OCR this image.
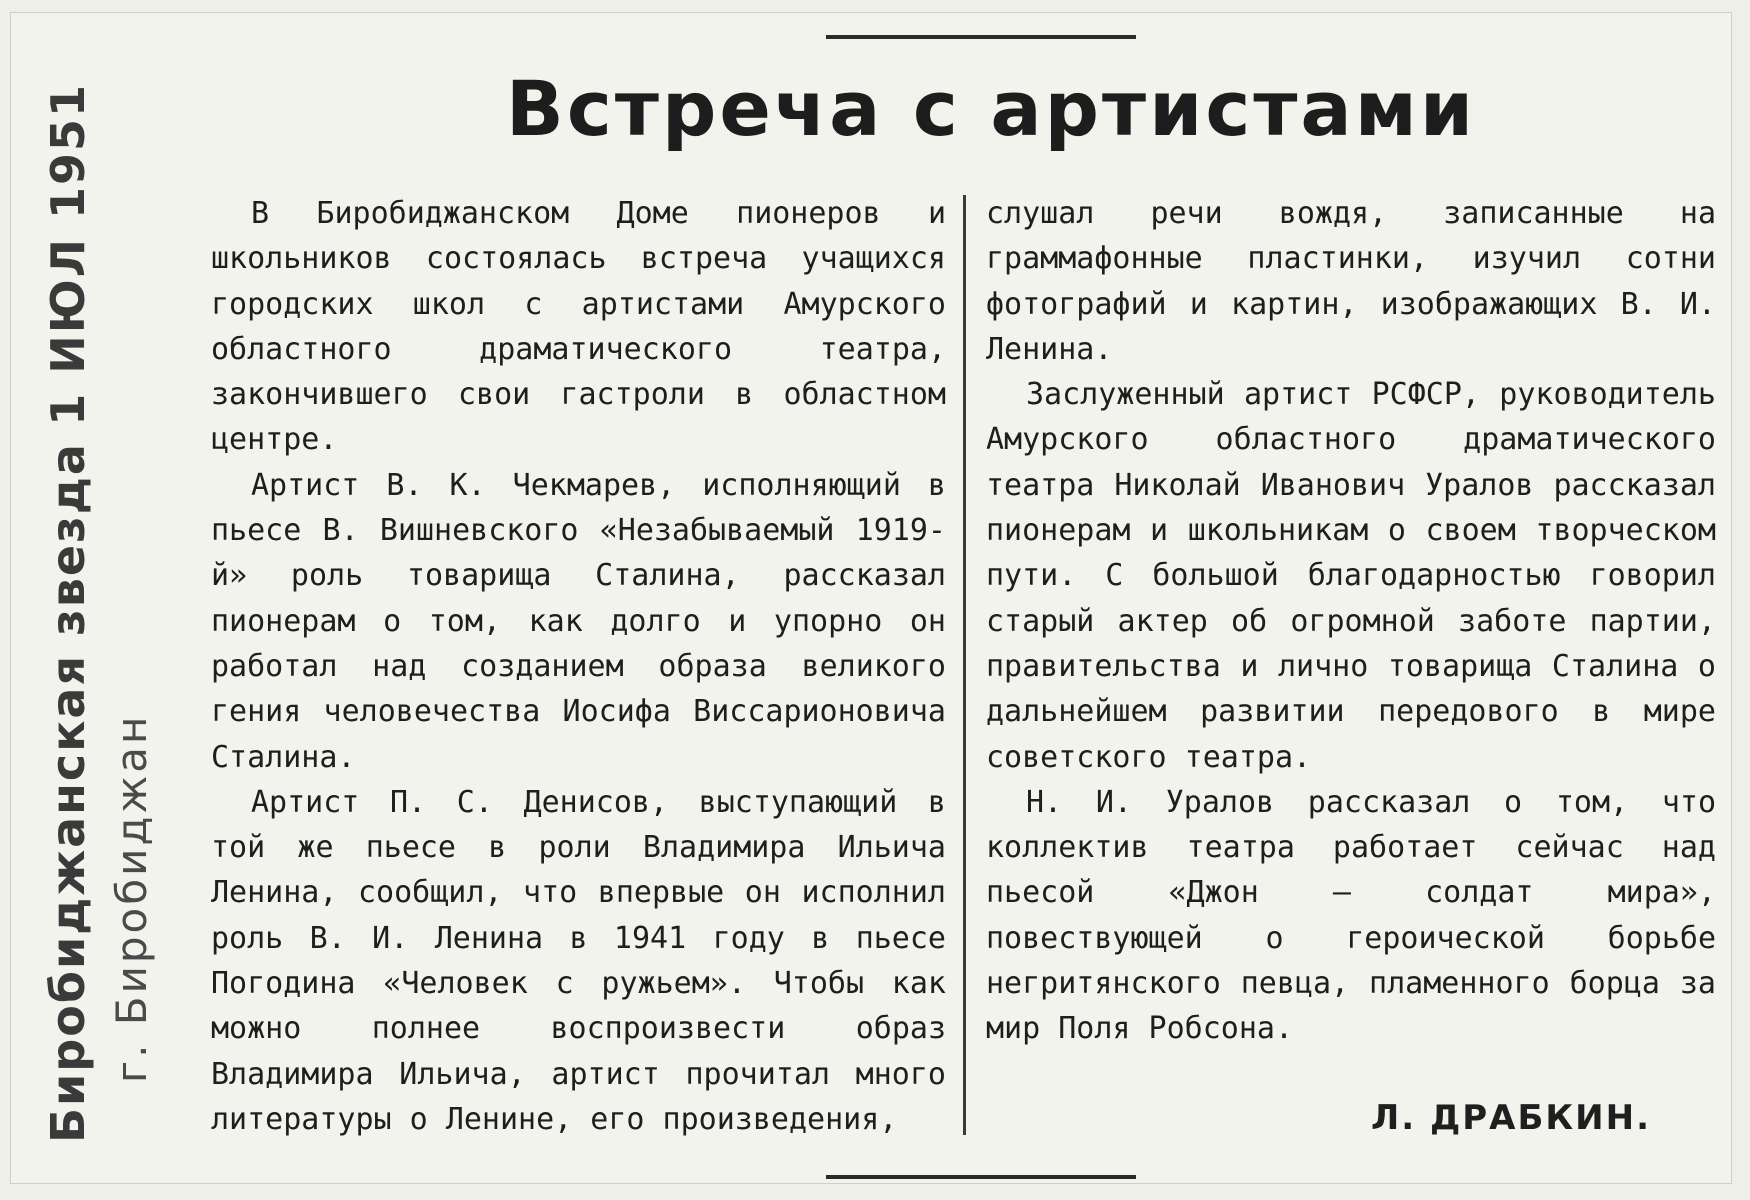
Встреча с артистами
Биробиджанская звезда
1 ИЮЛ 1951
г. Биробиджан

В Биробиджанском Доме пионеров и школьников состоялась встреча учащихся городских школ с артистами Амурского областного драматического театра, закончившего свои гастроли в областном центре.

Артист В. К. Чекмарев, исполняющий в пьесе В. Вишневского «Незабываемый 1919-й» роль товарища Сталина, рассказал пионерам о том, как долго и упорно он работал над созданием образа великого гения человечества Иосифа Виссарионовича Сталина.

Артист П. С. Денисов, выступающий в той же пьесе в роли Владимира Ильича Ленина, сообщил, что впервые он исполнил роль В. И. Ленина в 1941 году в пьесе Погодина «Человек с ружьем». Чтобы как можно полнее воспроизвести образ Владимира Ильича, артист прочитал много литературы о Ленине, его произведения,

слушал речи вождя, записанные на граммафонные пластинки, изучил сотни фотографий и картин, изображающих В. И. Ленина.

Заслуженный артист РСФСР, руководитель Амурского областного драматического театра Николай Иванович Уралов рассказал пионерам и школьникам о своем творческом пути. С большой благодарностью говорил старый актер об огромной заботе партии, правительства и лично товарища Сталина о дальнейшем развитии передового в мире советского театра.

Н. И. Уралов рассказал о том, что коллектив театра работает сейчас над пьесой «Джон — солдат мира», повествующей о героической борьбе негритянского певца, пламенного борца за мир Поля Робсона.

Л. ДРАБКИН.
